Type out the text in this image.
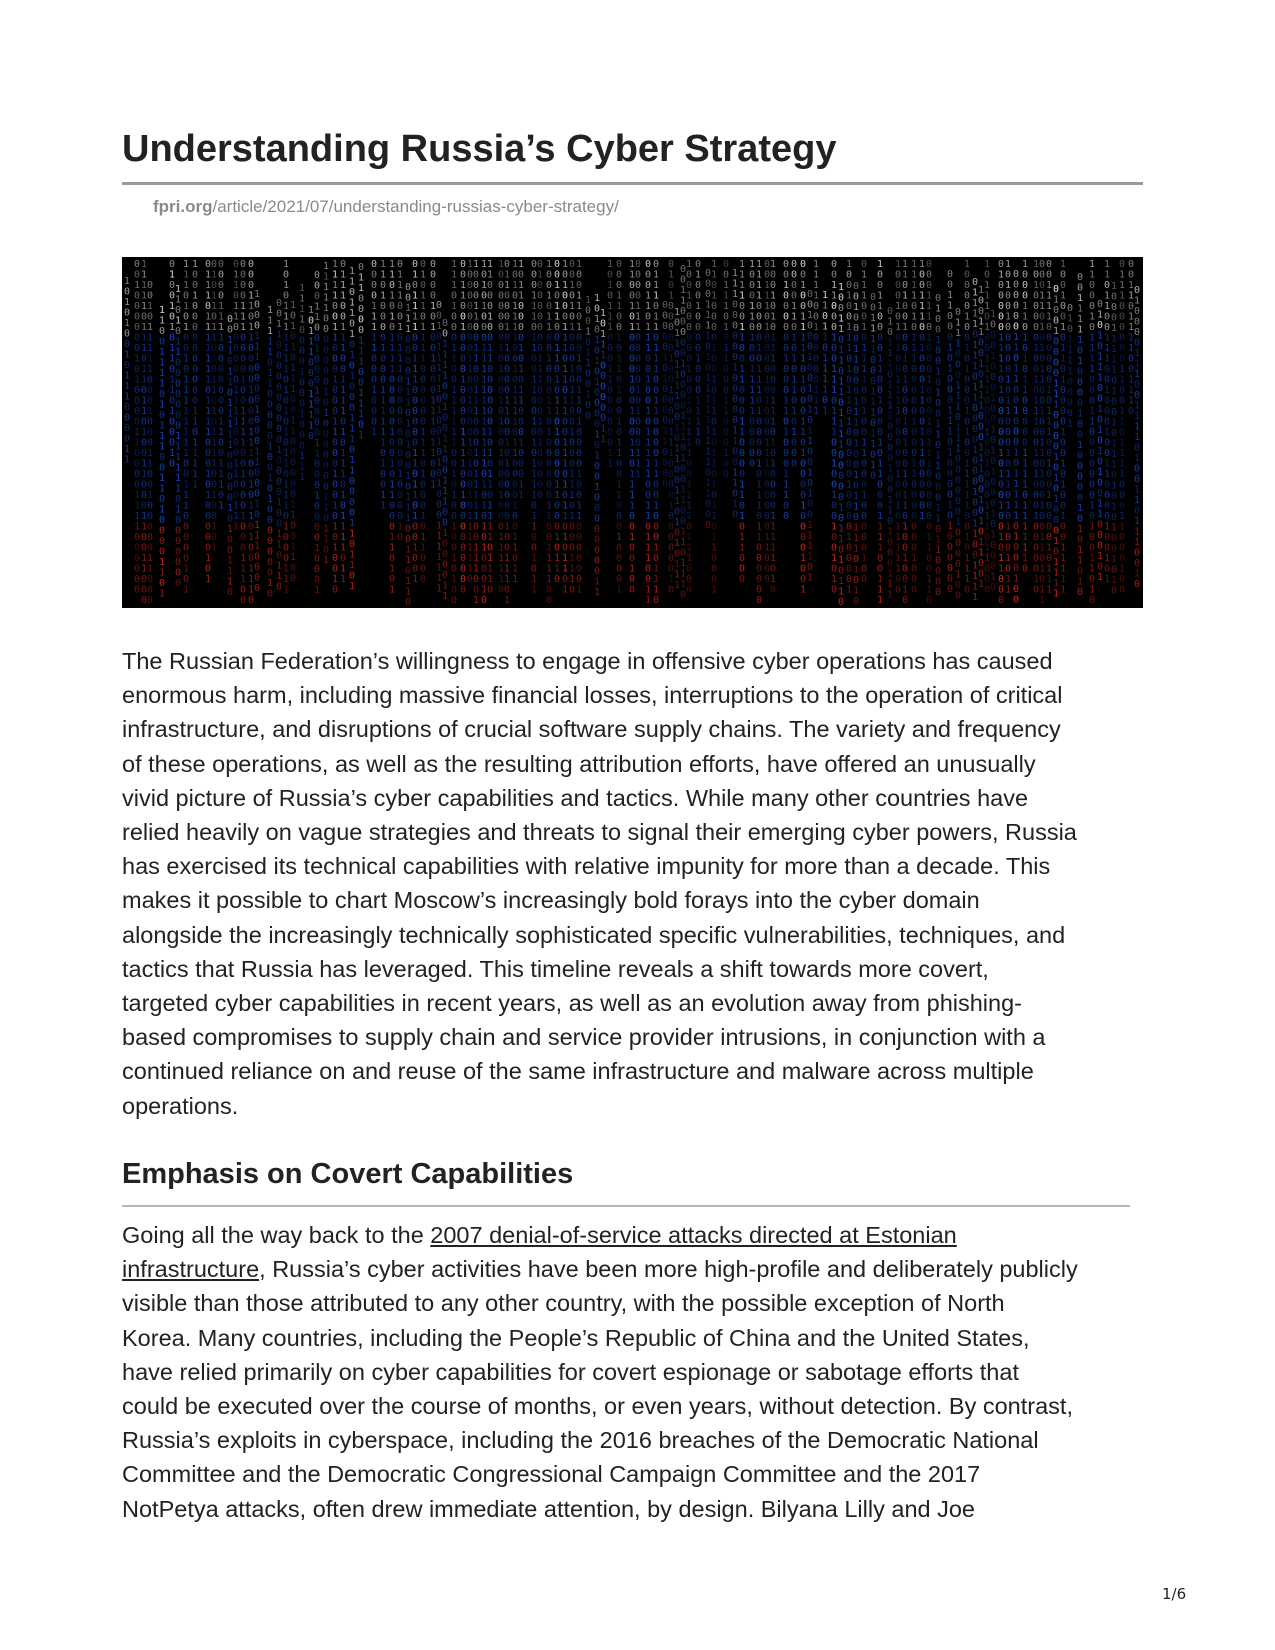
Understanding Russia’s Cyber Strategy
fpri.org/article/2021/07/understanding-russias-cyber-strategy/
1
0
1
0
1
0
0
1
0
1
1
1
0
0
0
0
1
1
0
0
1
0
0
0
0
0
0
1
0
1
0
0
0
0
1
1
0
0
0
0
1
1
1
1
0
0
0
0
0
0
1
1
1
1
1
0
1
1
1
0
1
1
0
1
1
0
1
0
0
1
1
0
0
0
1
1
0
0
1
1
0
0
0
0
0
1
0
1
1
1
1
1
0
0
0
1
0
0
0
1
1
0
0
1
0
0
0
0
0
1
1
0
0
0
1
1
0
0
1
1
1
1
0
1
0
1
1
1
0
0
1
1
0
1
0
0
0
0
1
1
0
1
0
1
0
0
1
0
1
0
1
1
0
1
1
0
1
0
0
0
1
0
1
1
0
1
0
1
1
0
0
0
0
0
0
0
1
1
1
1
1
1
0
1
0
0
0
0
0
0
0
1
1
1
0
1
0
1
0
0
1
0
1
1
1
1
1
1
1
1
0
0
1
1
1
0
0
0
0
0
1
0
1
1
0
0
1
0
0
0
0
0
0
0
0
0
0
1
1
0
1
1
1
1
1
0
1
1
1
0
1
1
1
1
1
1
1
0
1
1
1
1
0
0
0
1
0
1
0
0
0
0
0
1
0
1
0
1
0
1
1
0
1
1
0
1
0
1
1
0
1
0
1
1
1
1
0
0
1
0
0
1
0
1
0
0
0
0
1
1
1
1
0
0
0
0
0
0
0
1
1
0
0
1
1
1
0
1
0
0
1
1
0
1
1
0
1
1
1
1
1
0
0
0
0
0
1
0
1
0
0
1
1
1
0
0
1
1
0
1
1
0
0
0
0
0
0
1
1
1
1
0
0
0
1
1
0
0
1
1
1
0
0
0
0
1
1
1
0
0
0
0
1
0
0
1
1
1
1
0
0
1
0
0
0
1
0
0
0
1
1
1
0
0
0
0
0
1
1
0
1
1
0
0
0
0
1
0
0
0
1
1
1
0
0
1
0
1
1
0
1
0
0
1
1
1
0
1
0
0
0
1
1
1
0
0
0
0
1
0
0
0
1
1
0
0
0
1
0
1
1
1
0
0
0
0
1
1
1
1
1
0
1
1
0
0
0
0
0
1
0
0
1
0
1
0
0
0
0
0
0
0
1
0
0
0
1
1
0
0
0
0
0
0
0
0
0
0
1
0
0
0
0
1
0
0
1
1
0
1
1
0
1
0
1
0
1
1
1
1
1
1
1
0
1
0
1
0
1
0
1
1
0
1
1
1
0
1
0
0
0
1
1
1
1
0
1
0
1
0
1
1
1
0
0
1
1
0
0
0
0
0
0
1
1
0
0
1
1
0
0
1
1
1
1
0
0
0
0
1
0
0
0
1
0
0
0
1
1
1
1
0
1
1
1
0
0
0
1
1
1
1
0
0
0
0
1
1
0
0
1
0
0
0
1
0
0
0
0
1
1
0
0
0
1
0
0
0
0
1
0
0
0
1
1
1
1
1
1
0
0
0
0
0
0
0
1
0
1
0
0
0
0
0
0
0
1
1
0
1
1
0
1
1
1
1
1
0
0
1
1
0
0
0
1
0
0
0
1
1
0
0
0
1
0
0
1
0
1
0
1
0
0
1
0
0
1
1
1
0
0
1
1
1
0
0
1
1
1
1
0
1
0
1
1
1
0
1
0
1
1
1
1
0
1
1
1
1
0
1
1
0
1
0
1
0
1
0
0
0
1
1
1
0
1
1
0
0
0
0
1
1
0
1
1
0
1
0
1
1
0
0
0
0
1
1
1
0
0
1
1
1
0
1
0
0
0
0
1
1
1
1
1
0
0
0
1
0
0
0
1
1
1
0
1
0
0
0
0
1
0
0
0
1
1
1
1
1
1
0
1
0
0
1
1
1
1
0
1
0
1
0
1
1
1
1
0
0
0
0
0
1
0
0
1
0
1
1
0
0
0
1
1
0
1
0
1
0
1
1
1
0
0
1
0
1
1
1
0
0
0
0
0
0
0
0
0
1
0
0
0
0
1
0
0
0
1
1
1
0
0
0
0
1
1
1
0
1
0
1
0
0
1
0
1
1
1
0
0
1
1
0
1
1
0
0
1
0
1
1
1
1
0
0
1
1
1
0
0
0
0
0
0
1
1
0
1
1
0
1
0
0
1
0
0
1
0
1
0
1
1
0
1
1
1
1
0
0
0
0
0
0
1
1
1
0
1
0
0
0
1
0
1
1
0
0
0
0
0
0
0
1
0
1
0
0
1
0
0
0
1
1
1
0
1
1
0
0
1
0
0
1
0
1
1
1
1
1
0
1
0
0
1
0
1
0
1
0
0
0
1
1
1
1
1
1
1
0
0
1
1
1
1
0
0
1
0
0
1
1
0
0
1
1
1
0
0
1
0
0
0
0
1
1
1
1
1
0
1
0
0
0
1
1
0
0
1
1
1
1
1
1
0
0
1
0
1
0
0
1
0
0
1
0
1
0
0
0
0
1
1
0
0
1
0
0
0
0
1
0
0
0
0
1
1
1
1
0
0
1
0
0
0
0
0
0
0
0
0
1
0
0
0
0
0
0
0
0
1
1
0
0
1
0
0
0
1
0
1
0
0
1
0
1
1
1
1
1
1
0
1
0
0
0
1
1
0
0
1
1
0
0
1
1
1
0
0
0
1
0
1
1
1
1
1
0
0
1
1
1
0
0
1
1
0
1
0
1
0
0
0
1
1
1
1
1
1
1
1
1
1
1
1
0
1
0
1
0
1
0
1
0
0
0
1
0
1
1
0
0
0
1
0
0
1
1
0
0
0
0
0
0
1
0
1
0
1
1
0
1
1
1
1
0
1
1
1
0
1
0
0
0
0
0
0
0
1
0
1
0
0
1
0
1
0
0
1
0
0
0
1
0
0
0
1
1
1
1
1
0
0
1
1
0
0
0
1
0
1
0
0
0
0
1
1
0
0
1
0
1
0
0
0
0
0
1
0
0
1
1
1
0
1
1
0
1
0
1
1
1
1
0
0
1
0
1
1
1
1
0
1
1
0
0
0
0
1
0
0
1
1
0
1
1
1
0
1
1
0
0
0
0
1
0
1
0
1
1
0
0
0
1
0
0
0
1
1
0
0
0
1
1
1
0
1
1
0
0
1
1
0
0
1
0
1
0
1
1
1
1
0
1
1
0
0
1
0
1
1
0
1
0
0
0
0
0
0
0
1
1
1
0
0
0
1
0
1
0
0
0
0
0
1
0
0
1
0
1
1
0
0
1
0
0
0
1
1
0
1
0
0
0
0
0
0
1
1
0
0
1
1
1
1
0
0
0
0
1
0
1
1
0
0
1
1
0
1
0
1
1
0
1
0
0
0
0
1
1
0
0
0
1
0
1
1
0
1
0
1
0
0
0
1
1
1
0
1
1
0
1
1
0
0
1
1
1
0
1
0
1
1
0
1
0
1
1
0
1
0
0
1
0
1
0
1
0
0
0
1
0
1
1
0
0
1
0
0
0
1
1
1
0
1
0
0
0
1
1
1
0
1
0
0
1
1
0
1
0
0
1
0
0
1
1
0
1
0
0
0
0
1
0
0
1
1
0
0
0
0
0
0
1
1
0
0
1
0
1
1
0
0
1
0
0
1
0
1
0
1
0
1
0
1
0
0
0
0
1
0
1
0
0
1
0
0
0
0
0
0
0
0
1
1
1
0
1
1
1
0
0
0
0
0
0
1
1
1
0
1
0
1
1
1
0
0
0
1
1
0
0
0
0
0
0
1
1
0
0
0
1
1
0
0
1
0
1
1
0
1
0
0
1
0
1
1
0
0
1
1
0
0
0
1
0
0
0
0
1
1
1
0
0
1
0
1
0
0
0
0
1
0
0
1
0
0
1
1
0
1
1
1
1
0
0
1
0
0
1
0
0
0
0
0
0
1
1
1
0
0
0
0
0
1
0
1
0
0
0
1
1
1
0
0
0
1
1
0
1
1
1
0
0
1
0
0
1
0
1
1
1
1
1
0
0
1
1
0
1
1
1
0
0
1
1
0
1
1
1
0
1
1
0
1
1
1
0
0
1
1
0
0
0
0
1
1
0
0
1
0
0
0
1
0
1
1
1
0
0
0
0
0
0
1
0
1
0
0
0
0
1
1
0
0
0
0
0
1
0
1
0
0
0
0
0
1
0
0
1
0
0
0
1
1
1
0
0
0
0
1
0
0
0
0
0
0
1
0
1
0
1
1
0
1
1
1
1
0
0
1
0
1
1
0
0
1
1
0
1
0
1
0
1
1
1
0
0
1
1
0
0
0
0
0
1
0
0
0
0
1
1
1
0
1
0
0
1
1
0
0
1
1
0
1
1
1
0
1
0
0
1
0
0
0
0
0
0
1
0
0
1
0
1
1
1
1
0
0
1
1
1
1
0
1
1
1
0
0
0
0
1
0
0
1
0
0
0
0
1
0
0
0
1
1
1
1
0
0
0
0
1
1
1
1
0
1
0
1
1
1
1
1
1
1
1
1
0
1
1
0
0
0
1
1
0
1
0
0
0
0
1
0
0
1
0
1
1
0
1
0
1
1
0
1
0
1
1
0
1
1
0
0
0
1
0
0
1
1
1
0
1
0
1
1
0
0
0
1
1
0
0
0
1
0
0
1
1
1
0
0
0
0
0
0
1
0
0
0
0
0
1
1
0
0
1
1
0
1
0
1
1
1
1
0
0
1
1
0
0
1
1
0
0
0
1
1
0
0
0
0
1
1
0
1
0
1
1
0
0
0
1
0
0
0
1
1
0
1
0
0
1
1
1
1
1
0
0
0
0
0
1
1
1
1
0
0
0
0
1
0
1
1
1
0
1
0
0
0
0
1
0
1
1
1
0
1
1
0
0
0
0
0
0
0
0
1
1
1
0
1
0
0
0
0
1
0
1
0
0
0
1
1
1
0
0
0
0
0
0
1
1
0
0
0
1
0
0
1
0
1
0
1
1
1
0
0
0
1
1
1
0
1
0
1
0
0
0
0
1
1
1
1
1
0
1
0
0
0
1
0
0
0
0
0
0
1
0
0
0
1
1
0
1
0
0
0
1
1
1
0
0
0
0
0
0
1
1
0
1
0
1
0
1
1
0
1
0
1
0
0
0
0
0
1
0
0
1
1
1
1
1
0
1
0
0
0
1
1
0
1
0
0
0
0
1
0
0
0
0
1
0
0
1
0
0
1
0
0
0
1
0
0
1
0
1
0
1
1
0
0
1
0
1
0
0
1
1
1
1
0
1
1
1
1
1
0
0
1
0
0
0
0
0
1
1
1
1
1
0
1
1
0
1
1
1
1
0
1
0
0
1
1
0
0
0
1
0
0
1
1
1
0
1
1
1
0
0
1
0
0
1
0
0
1
0
0
1
0
1
0
1
0
0
1
1
0
1
1
0
1
1
0
1
1
1
1
0
0
0
0
0
1
0
1
1
0
1
0
1
1
0
1
0
0
1
0
0
1
1
1
0
1
0
1
1
0
1
0
0
0
0
0
1
0
0
0
0
1
0
0
0
0
1
0
0
1
0
0
0
1
1
0
0
0
1
1
1
0
1
0
0
1
0
1
1
0
1
1
1
0
1
0
1
0
0
1
1
1
0
0
1
0
1
1
1
1
0
0
1
0
0
1
1
0
0
0
1
0
0
0
0
0
1
0
0
0
0
1
1
1
1
0
0
0
1
1
1
0
1
1
0
1
0
1
0
0
1
1
0
0
0
0
1
1
0
0
1
0
0
0
1
0
1
1
0
0
0
1
1
1
1
0
0
1
1
1
0
1
0
1
1
1
0
1
1
1
1
0
0
0
0
1
0
0
1
1
0
1
0
0
0
1
1
1
1
0
0
0
1
0
1
0
1
0
0
1
1
1
1
0
0
0
0
0
1
0
0
1
0
1
1
1
1
1
0
0
1
1
0
1
0
0
1
0
0
1
0
1
0
0
0
1
0
1
0
0
1
0
1
1
0
1
0
0
1
0
0
1
0
1
1
1
1
0
1
0
1
1
1
0
0
0
0
0
1
0
0
0
1
1
0
0
0
0
0
0
0
1
0
0
0
1
0
0
1
1
1
0
0
1
0
0
0
1
1
0
0
1
1
1
0
0
0
0
0
1
0
0
0
1
1
1
0
1
0
0
0
1
0
0
0
1
0
1
1
1
0
0
0
0
0
0
1
1
0
0
1
1
0
0
1
0
0
1
0
0
1
0
1
0
0
1
1
0
1
1
0
0
0
1
1
0
1
1
0
0
0
0
0
0
1
1
0
0
0
1
0
1
0
0
0
1
1
1
0
1
0
0
0
0
1
0
1
0
0
0
0
0
0
0
1
1
1
0
0
0
1
1
1
0
1
1
1
0
0
0
0
0
0
1
0
0
0
0
1
0
0
1
0
0
0
0
1
0
0
1
0
1
0
0
0
1
0
1
0
0
1
1
1
1
1
0
0
1
0
1
1
1
0
0
1
1
1
1
0
1
1
1
0
1
1
0
0
0
0
1
0
0
0
1
0
0
1
1
0
0
1
1
1
1
1
0
0
1
1
0
0
1
0
1
1
1
0
0
0
1
1
1
0
0
1
0
1
0
1
1
0
0
1
1
0
1
1
1
0
1
0
0
1
1
1
1
0
0
0
1
0
0
1
0
0
0
1
1
1
0
1
1
0
0
0
1
0
0
0
1
0
0
0
1
0
0
1
0
1
0
1
0
0
0
1
0
1
0
0
0
1
0
0
1
0
0
0
0
0
1
1
1
1
0
1
0
0
0
0
0
1
0
1
0
0
1
0
0
1
0
1
1
0
0
0
1
0
1
0
0
1
0
0
0
0
0
1
0
1
1
0
0
0
1
0
1
1
0
1
0
1
0
0
1
0
1
1
0
0
0
0
0
0
1
1
0
1
1
0
0
1
0
0
0
1
0
1
1
1
1
1
0
1
0
0
0
1
0
0
1
0
0
0
1
1
0
1
0
1
0
1
1
0
0
0
0
0
1
1
1
1
0
1
1
1
1
1
1
0
1
0
1
0
0
0
0
0
1
0
0
1
0
1
1
1
0
0
1
0
1
0
0
0
1
0
0
0
0
0
1
0
0
0
0
1
1
0
1
0
1
0
1
1
0
0
1
0
0
1
1
0
1
0
0
1
0
0
1
1
0
1
0
1
1
0
0
1
1
1
1
0
0
0
0
0
0
1
0
1
1
1
0
0
1
0
0
1
0
0
0
0
1
0
1
1
1
0
1
0
0
1
0
0
0
0
1
1
1
0
0
0
0
1
0
1
0
1
0
0
0
1
0
1
1
1
1
1
0
0
1
0
0
1
0
1
1
0
1
0
0
0
0
1
0
0
1
0
1
0
0
1
0
0
1
1
1
1
1
0
1
0
1
1
1
1
0
0
0
0
1
0
0
1
1
1
1
1
0
1
0
0
0
0
1
0
0
1
0
0
0
0
0
1
0
1
0
1
1
0
1
0
1
1
0
0
0
1
0
1
1
1
1
0
0
0
1
1
0
0
0
0
0
0
0
1
0
1
0
0
1
1
0
1
0
0
1
0
1
0
1
1
1
0
0
1
0
1
0
1
0
1
0
0
1
1
0
0
0
1
0
1
1
1
0
1
1
0
0
1
1
1
0
0
1
0
0
0
1
0
0
1
1
0
0
0
0
1
0
0
1
0
1
1
0
0
0
1
1
1
1
1
0
1
0
0
1
0
1
1
1
0
1
0
1
0
1
0
0
1
0
1
0
0
1
1
1
0
0
0
0
0
0
1
1
0
0
1
1
0
1
1
1
1
0
0
0
1
1
0
0
0
1
0
0
0
0
1
1
0
1
1
1
1
0
0
1
1
1
0
0
1
0
0
0
0
1
1
1
0
0
1
1
1
1
0
1
0
0
1
1
0
1
1
1
0
0
1
0
The Russian Federation’s willingness to engage in offensive cyber operations has caused
enormous harm, including massive financial losses, interruptions to the operation of critical
infrastructure, and disruptions of crucial software supply chains. The variety and frequency
of these operations, as well as the resulting attribution efforts, have offered an unusually
vivid picture of Russia’s cyber capabilities and tactics. While many other countries have
relied heavily on vague strategies and threats to signal their emerging cyber powers, Russia
has exercised its technical capabilities with relative impunity for more than a decade. This
makes it possible to chart Moscow’s increasingly bold forays into the cyber domain
alongside the increasingly technically sophisticated specific vulnerabilities, techniques, and
tactics that Russia has leveraged. This timeline reveals a shift towards more covert,
targeted cyber capabilities in recent years, as well as an evolution away from phishing-
based compromises to supply chain and service provider intrusions, in conjunction with a
continued reliance on and reuse of the same infrastructure and malware across multiple
operations.
Emphasis on Covert Capabilities
Going all the way back to the 2007 denial-of-service attacks directed at Estonian
infrastructure, Russia’s cyber activities have been more high-profile and deliberately publicly
visible than those attributed to any other country, with the possible exception of North
Korea. Many countries, including the People’s Republic of China and the United States,
have relied primarily on cyber capabilities for covert espionage or sabotage efforts that
could be executed over the course of months, or even years, without detection. By contrast,
Russia’s exploits in cyberspace, including the 2016 breaches of the Democratic National
Committee and the Democratic Congressional Campaign Committee and the 2017
NotPetya attacks, often drew immediate attention, by design. Bilyana Lilly and Joe
1/6
